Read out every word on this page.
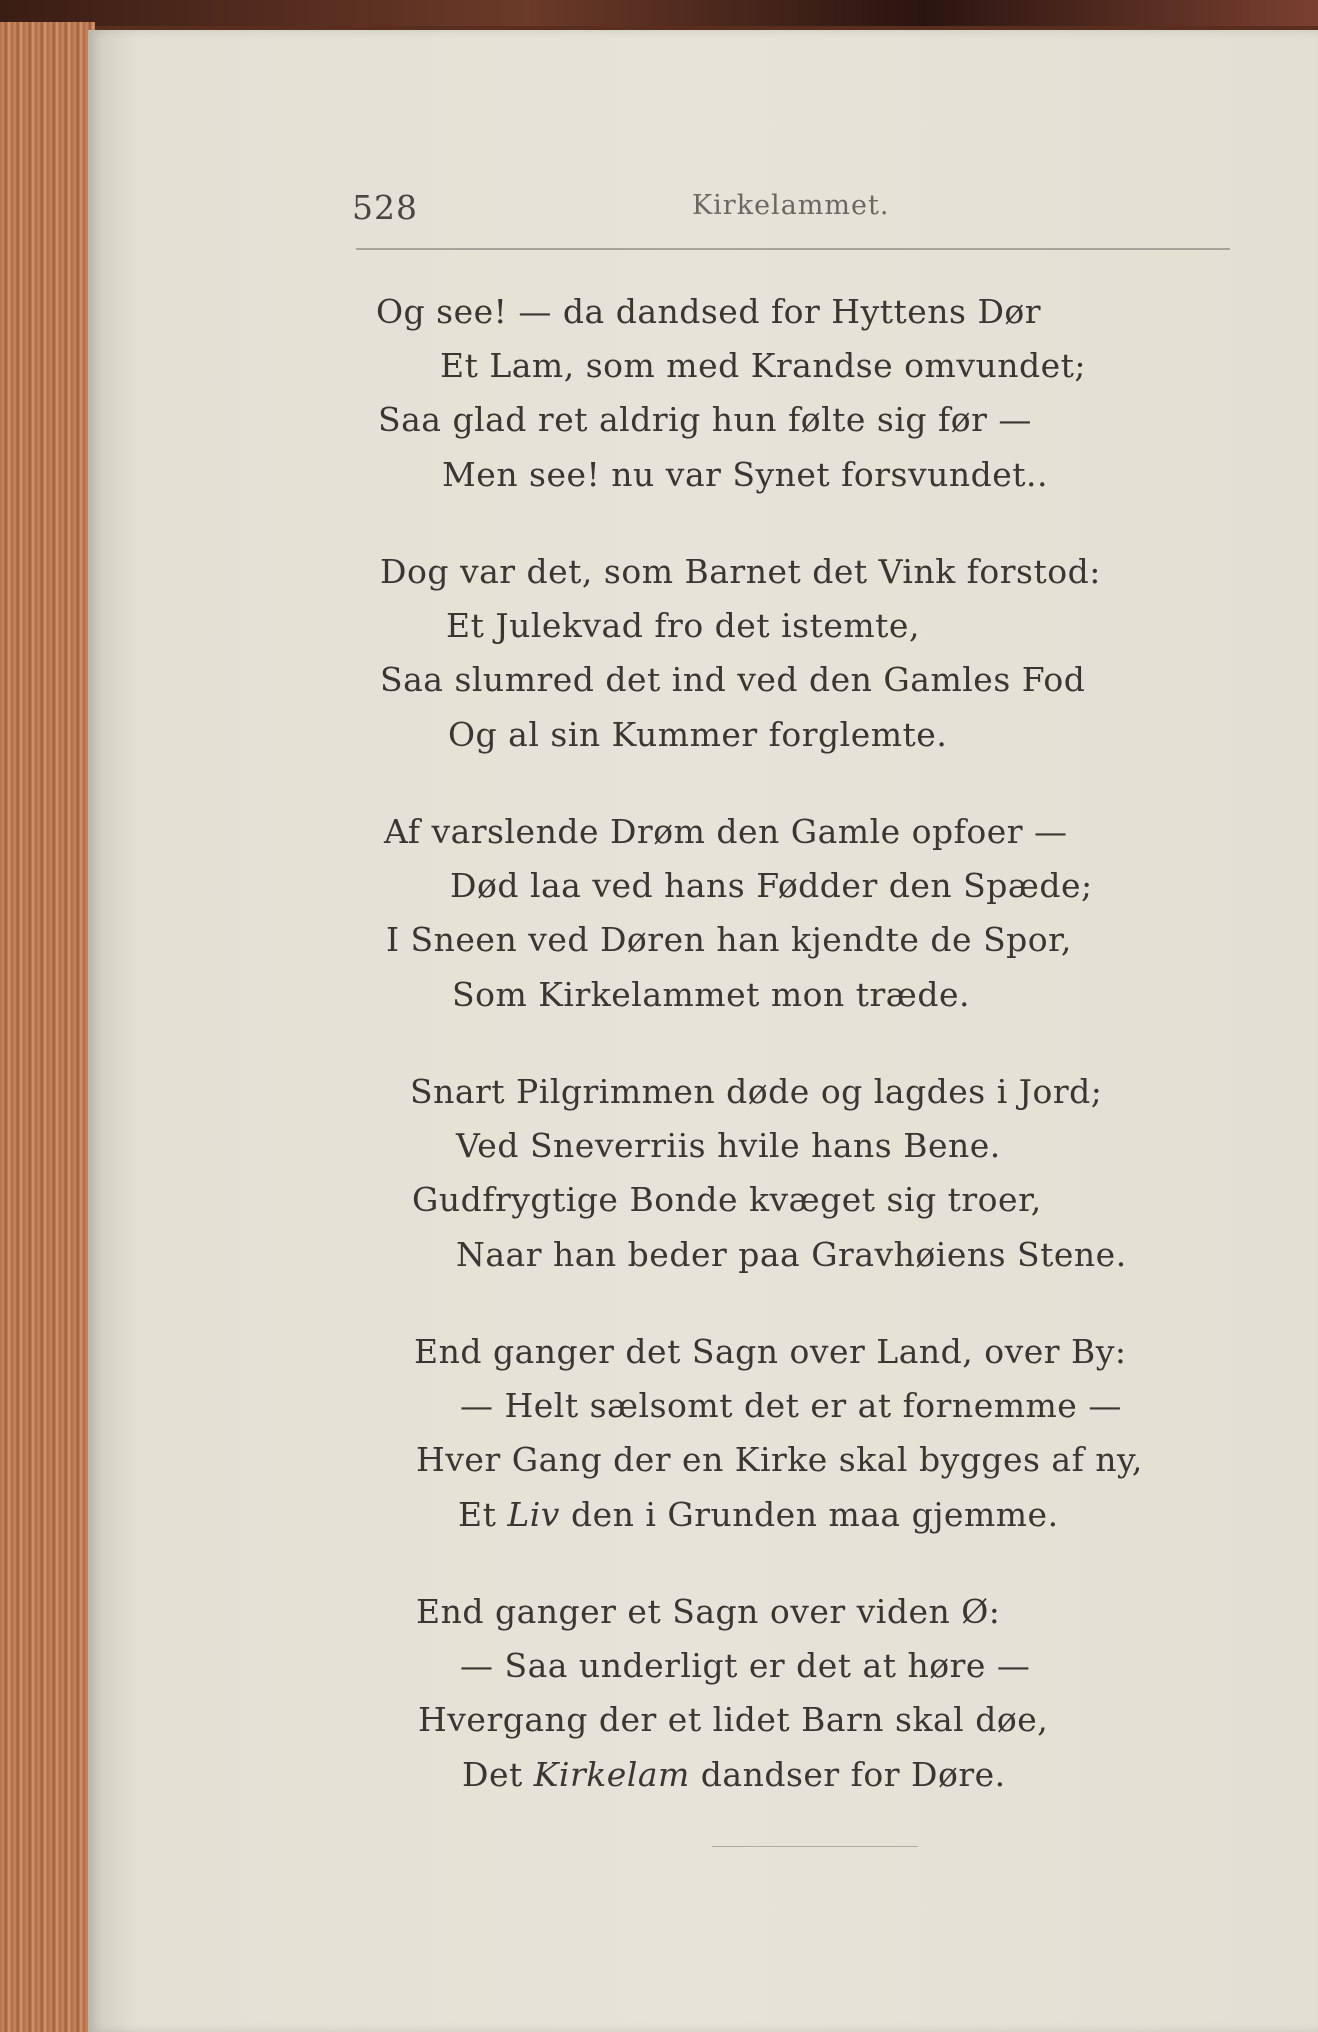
528	Kirkelammet.
Og see! — da dandsed for Hyttens Dør
Et Lam, som med Krandse omvundet;
Saa glad ret aldrig hun følte sig før —
Men see! nu var Synet forsvundet..
Dog var det, som Barnet det Vink forstod:
Et Julekvad fro det istemte,
Saa slumred det ind ved den Gamles Fod
Og al sin Kummer forglemte.
Af varslende Drøm den Gamle opfoer —
Død laa ved hans Fødder den Spæde;
I Sneen ved Døren han kjendte de Spor,
Som Kirkelammet mon træde.
Snart Pilgrimmen døde og lagdes i Jord;
Ved Sneverriis hvile hans Bene.
Gudfrygtige Bonde kvæget sig troer,
Naar han beder paa Gravhøiens Stene.
End ganger det Sagn over Land, over By:
— Helt sælsomt det er at fornemme —
Hver Gang der en Kirke skal bygges af ny,
Et Liv den i Grunden maa gjemme.
End ganger et Sagn over viden Ø:
— Saa underligt er det at høre —
Hvergang der et lidet Barn skal døe,
Det Kirkelam dandser for Døre.
